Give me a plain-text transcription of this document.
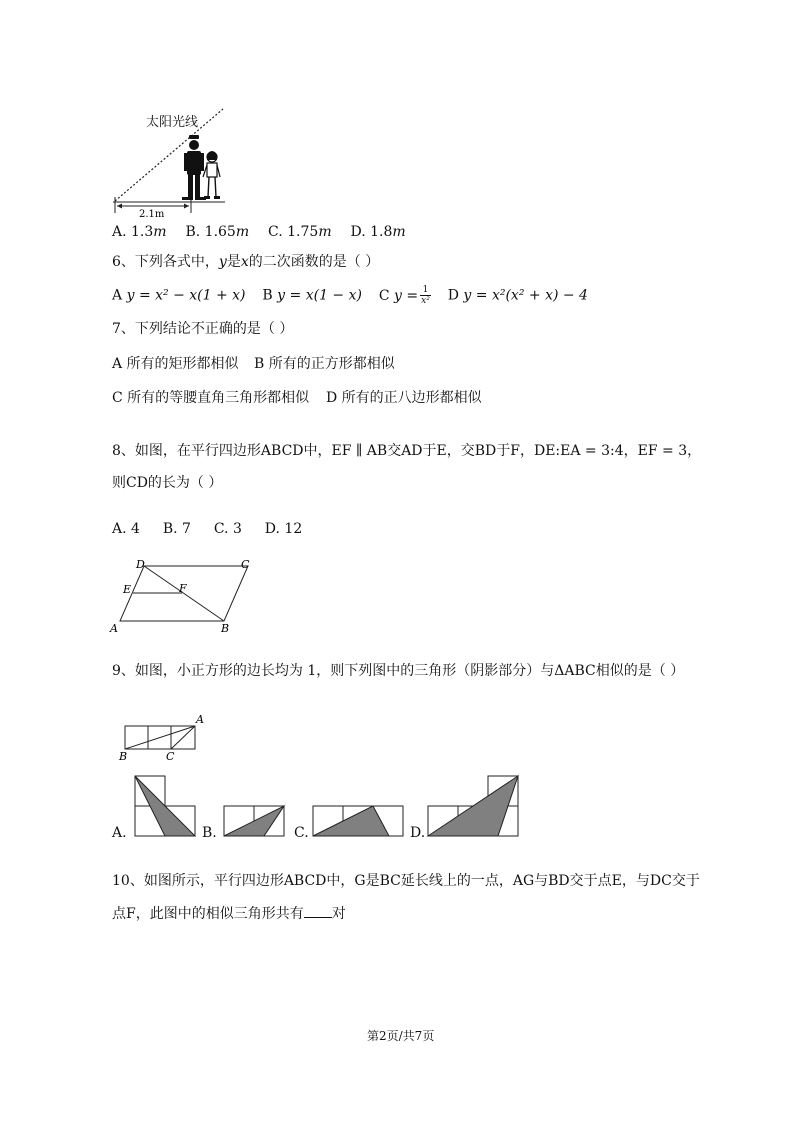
2.1m
太阳光线
A. 1.3m B. 1.65m C. 1.75m D. 1.8m
6、下列各式中，y是x的二次函数的是（ ）
A y = x² − x(1 + x) B y = x(1 − x) C $y = \frac{1}{\text{x²}}$ D y = x²(x² + x) − 4
7、下列结论不正确的是（ ）
A 所有的矩形都相似 B 所有的正方形都相似
C 所有的等腰直角三角形都相似 D 所有的正八边形都相似
8、如图，在平行四边形ABCD中，EF ∥ AB交AD于E，交BD于F，DE:EA = 3:4，EF = 3，
则CD的长为（ ）
A. 4 B. 7 C. 3 D. 12
D	C
E	F
A	B
9、如图，小正方形的边长均为 1，则下列图中的三角形（阴影部分）与ΔABC相似的是（ ）
A
B	C
A.	B.	C.	D.
10、如图所示，平行四边形ABCD中，G是BC延长线上的一点，AG与BD交于点E，与DC交于
点F，此图中的相似三角形共有 对
第2页/共7页
